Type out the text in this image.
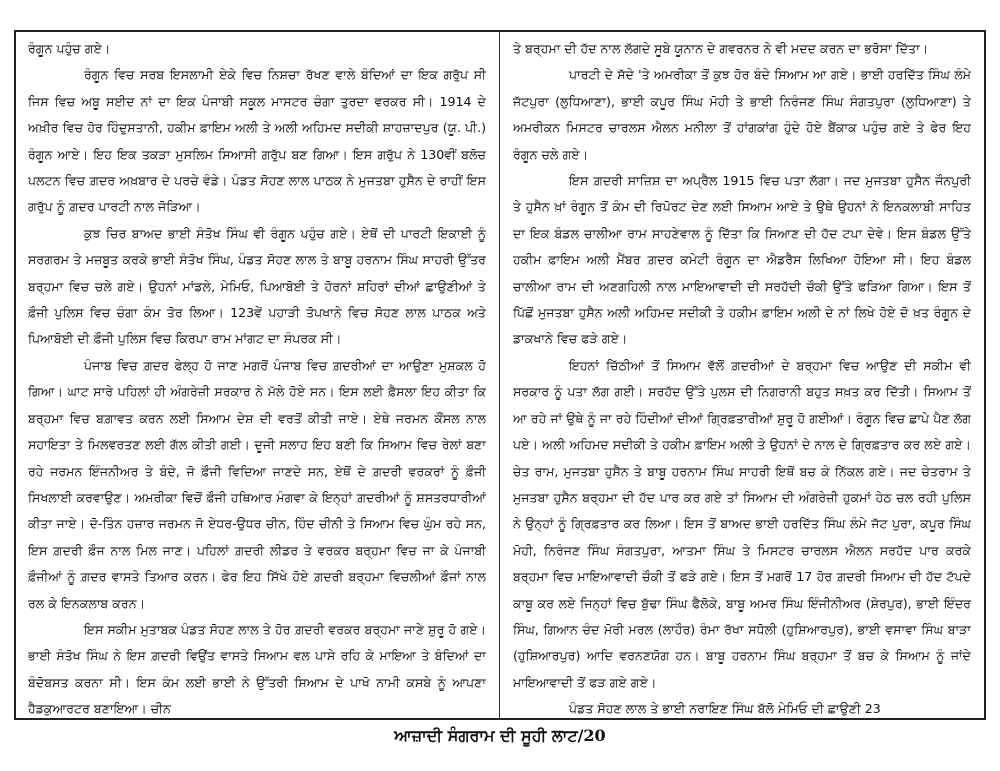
ਰੰਗੂਨ ਪਹੁੰਚ ਗਏ।

ਰੰਗੂਨ ਵਿਚ ਸਰਬ ਇਸਲਾਮੀ ਏਕੇ ਵਿਚ ਨਿਸ਼ਚਾ ਰੱਖਣ ਵਾਲੇ ਬੰਦਿਆਂ ਦਾ ਇਕ ਗਰੁੱਪ ਸੀ ਜਿਸ ਵਿਚ ਅਬੂ ਸਈਦ ਨਾਂ ਦਾ ਇਕ ਪੰਜਾਬੀ ਸਕੂਲ ਮਾਸਟਰ ਚੰਗਾ ਤੁਰਦਾ ਵਰਕਰ ਸੀ। 1914 ਦੇ ਅਖ਼ੀਰ ਵਿਚ ਹੋਰ ਹਿੰਦੁਸਤਾਨੀ, ਹਕੀਮ ਫ਼ਾਇਮ ਅਲੀ ਤੇ ਅਲੀ ਅਹਿਮਦ ਸਦੀਕੀ ਸ਼ਾਹਜ਼ਾਦਪੁਰ (ਯੂ. ਪੀ.) ਰੰਗੂਨ ਆਏ। ਇਹ ਇਕ ਤਕੜਾ ਮੁਸਲਿਮ ਸਿਆਸੀ ਗਰੁੱਪ ਬਣ ਗਿਆ। ਇਸ ਗਰੁੱਪ ਨੇ 130ਵੀਂ ਬਲੋਚ ਪਲਟਨ ਵਿਚ ਗ਼ਦਰ ਅਖ਼ਬਾਰ ਦੇ ਪਰਚੇ ਵੰਡੇ। ਪੰਡਤ ਸੋਹਣ ਲਾਲ ਪਾਠਕ ਨੇ ਮੁਜਤਬਾ ਹੁਸੈਨ ਦੇ ਰਾਹੀਂ ਇਸ ਗਰੁੱਪ ਨੂੰ ਗ਼ਦਰ ਪਾਰਟੀ ਨਾਲ ਜੋੜਿਆ।

ਕੁਝ ਚਿਰ ਬਾਅਦ ਭਾਈ ਸੰਤੋਖ ਸਿੰਘ ਵੀ ਰੰਗੂਨ ਪਹੁੰਚ ਗਏ। ਏਥੋਂ ਦੀ ਪਾਰਟੀ ਇਕਾਈ ਨੂੰ ਸਰਗਰਮ ਤੇ ਮਜ਼ਬੂਤ ਕਰਕੇ ਭਾਈ ਸੰਤੋਖ ਸਿੰਘ, ਪੰਡਤ ਸੋਹਣ ਲਾਲ ਤੇ ਬਾਬੂ ਹਰਨਾਮ ਸਿੰਘ ਸਾਹਰੀ ਉੱਤਰ ਬਰ੍ਹਮਾ ਵਿਚ ਚਲੇ ਗਏ। ਉਹਨਾਂ ਮਾਂਡਲੇ, ਮੇਮਿਓ, ਪਿਆਬੋਈ ਤੇ ਹੋਰਨਾਂ ਸ਼ਹਿਰਾਂ ਦੀਆਂ ਛਾਉਣੀਆਂ ਤੇ ਫ਼ੌਜੀ ਪੁਲਿਸ ਵਿਚ ਚੰਗਾ ਕੰਮ ਤੋਰ ਲਿਆ। 123ਵੇਂ ਪਹਾੜੀ ਤੋਪਖਾਨੇ ਵਿਚ ਸੋਹਣ ਲਾਲ ਪਾਠਕ ਅਤੇ ਪਿਆਬੋਈ ਦੀ ਫ਼ੌਜੀ ਪੁਲਿਸ ਵਿਚ ਕਿਰਪਾ ਰਾਮ ਮਾਂਗਟ ਦਾ ਸੰਪਰਕ ਸੀ।

ਪੰਜਾਬ ਵਿਚ ਗ਼ਦਰ ਫੇਲ੍ਹ ਹੋ ਜਾਣ ਮਗਰੋਂ ਪੰਜਾਬ ਵਿਚ ਗ਼ਦਰੀਆਂ ਦਾ ਆਉਣਾ ਮੁਸ਼ਕਲ ਹੋ ਗਿਆ। ਘਾਟ ਸਾਰੇ ਪਹਿਲਾਂ ਹੀ ਅੰਗਰੇਜ਼ੀ ਸਰਕਾਰ ਨੇ ਮੱਲੇ ਹੋਏ ਸਨ। ਇਸ ਲਈ ਫ਼ੈਸਲਾ ਇਹ ਕੀਤਾ ਕਿ ਬਰ੍ਹਮਾ ਵਿਚ ਬਗ਼ਾਵਤ ਕਰਨ ਲਈ ਸਿਆਮ ਦੇਸ਼ ਦੀ ਵਰਤੋਂ ਕੀਤੀ ਜਾਏ। ਏਥੇ ਜਰਮਨ ਕੌਂਸਲ ਨਾਲ ਸਹਾਇਤਾ ਤੇ ਮਿਲਵਰਤਣ ਲਈ ਗੱਲ ਕੀਤੀ ਗਈ। ਦੂਜੀ ਸਲਾਹ ਇਹ ਬਣੀ ਕਿ ਸਿਆਮ ਵਿਚ ਰੇਲਾਂ ਬਣਾ ਰਹੇ ਜਰਮਨ ਇੰਜਨੀਅਰ ਤੇ ਬੰਦੇ, ਜੋ ਫ਼ੌਜੀ ਵਿਦਿਆ ਜਾਣਦੇ ਸਨ, ਏਥੋਂ ਦੇ ਗ਼ਦਰੀ ਵਰਕਰਾਂ ਨੂੰ ਫ਼ੌਜੀ ਸਿਖਲਾਈ ਕਰਵਾਉਣ। ਅਮਰੀਕਾ ਵਿਚੋਂ ਫ਼ੌਜੀ ਹਥਿਆਰ ਮੰਗਵਾ ਕੇ ਇਨ੍ਹਾਂ ਗ਼ਦਰੀਆਂ ਨੂੰ ਸ਼ਸਤਰਧਾਰੀਆਂ ਕੀਤਾ ਜਾਏ। ਦੋ-ਤਿੰਨ ਹਜ਼ਾਰ ਜਰਮਨ ਜੋ ਏਧਰ-ਉਧਰ ਚੀਨ, ਹਿੰਦ ਚੀਨੀ ਤੇ ਸਿਆਮ ਵਿਚ ਘੁੰਮ ਰਹੇ ਸਨ, ਇਸ ਗ਼ਦਰੀ ਫ਼ੌਜ ਨਾਲ ਮਿਲ ਜਾਣ। ਪਹਿਲਾਂ ਗ਼ਦਰੀ ਲੀਡਰ ਤੇ ਵਰਕਰ ਬਰ੍ਹਮਾ ਵਿਚ ਜਾ ਕੇ ਪੰਜਾਬੀ ਫ਼ੌਜੀਆਂ ਨੂੰ ਗ਼ਦਰ ਵਾਸਤੇ ਤਿਆਰ ਕਰਨ। ਫੇਰ ਇਹ ਸਿੱਖੇ ਹੋਏ ਗ਼ਦਰੀ ਬਰ੍ਹਮਾ ਵਿਚਲੀਆਂ ਫ਼ੌਜਾਂ ਨਾਲ ਰਲ ਕੇ ਇਨਕਲਾਬ ਕਰਨ।

ਇਸ ਸਕੀਮ ਮੁਤਾਬਕ ਪੰਡਤ ਸੋਹਣ ਲਾਲ ਤੇ ਹੋਰ ਗ਼ਦਰੀ ਵਰਕਰ ਬਰ੍ਹਮਾ ਜਾਣੇ ਸ਼ੁਰੂ ਹੋ ਗਏ। ਭਾਈ ਸੰਤੋਖ ਸਿੰਘ ਨੇ ਇਸ ਗ਼ਦਰੀ ਵਿਉਂਤ ਵਾਸਤੇ ਸਿਆਮ ਵਲ ਪਾਸੇ ਰਹਿ ਕੇ ਮਾਇਆ ਤੇ ਬੰਦਿਆਂ ਦਾ ਬੰਦੋਬਸਤ ਕਰਨਾ ਸੀ। ਇਸ ਕੰਮ ਲਈ ਭਾਈ ਨੇ ਉੱਤਰੀ ਸਿਆਮ ਦੇ ਪਾਖੋ ਨਾਮੀ ਕਸਬੇ ਨੂੰ ਆਪਣਾ ਹੈਡਕੁਆਰਟਰ ਬਣਾਇਆ। ਚੀਨ

ਤੇ ਬਰ੍ਹਮਾ ਦੀ ਹੱਦ ਨਾਲ ਲੱਗਦੇ ਸੂਬੇ ਯੂਨਾਨ ਦੇ ਗਵਰਨਰ ਨੇ ਵੀ ਮਦਦ ਕਰਨ ਦਾ ਭਰੋਸਾ ਦਿੱਤਾ।

ਪਾਰਟੀ ਦੇ ਸੱਦੇ 'ਤੇ ਅਮਰੀਕਾ ਤੋਂ ਕੁਝ ਹੋਰ ਬੰਦੇ ਸਿਆਮ ਆ ਗਏ। ਭਾਈ ਹਰਦਿੱਤ ਸਿੰਘ ਲੰਮੇ ਜੱਟਪੁਰਾ (ਲੁਧਿਆਣਾ), ਭਾਈ ਕਪੂਰ ਸਿੰਘ ਮੋਹੀ ਤੇ ਭਾਈ ਨਿਰੰਜਣ ਸਿੰਘ ਸੰਗਤਪੁਰਾ (ਲੁਧਿਆਣਾ) ਤੇ ਅਮਰੀਕਨ ਮਿਸਟਰ ਚਾਰਲਸ ਐਲਨ ਮਨੀਲਾ ਤੋਂ ਹਾਂਗਕਾਂਗ ਹੁੰਦੇ ਹੋਏ ਬੈਂਕਾਕ ਪਹੁੰਚ ਗਏ ਤੇ ਫੇਰ ਇਹ ਰੰਗੂਨ ਚਲੇ ਗਏ।

ਇਸ ਗ਼ਦਰੀ ਸਾਜ਼ਿਸ਼ ਦਾ ਅਪ੍ਰੈਲ 1915 ਵਿਚ ਪਤਾ ਲੱਗਾ। ਜਦ ਮੁਜਤਬਾ ਹੁਸੈਨ ਜੌਨਪੁਰੀ ਤੇ ਹੁਸੈਨ ਖ਼ਾਂ ਰੰਗੂਨ ਤੋਂ ਕੰਮ ਦੀ ਰਿਪੋਰਟ ਦੇਣ ਲਈ ਸਿਆਮ ਆਏ ਤੇ ਉਥੇ ਉਹਨਾਂ ਨੇ ਇਨਕਲਾਬੀ ਸਾਹਿਤ ਦਾ ਇਕ ਬੰਡਲ ਚਾਲੀਆ ਰਾਮ ਸਾਹਣੇਵਾਲ ਨੂੰ ਦਿੱਤਾ ਕਿ ਸਿਆਣ ਦੀ ਹੱਦ ਟਪਾ ਦੇਵੇ। ਇਸ ਬੰਡਲ ਉੱਤੇ ਹਕੀਮ ਫ਼ਾਇਮ ਅਲੀ ਮੈਂਬਰ ਗ਼ਦਰ ਕਮੇਟੀ ਰੰਗੂਨ ਦਾ ਐਡਰੈਸ ਲਿਖਿਆ ਹੋਇਆ ਸੀ। ਇਹ ਬੰਡਲ ਚਾਲੀਆ ਰਾਮ ਦੀ ਅਣਗਹਿਲੀ ਨਾਲ ਮਾਇਆਵਾਦੀ ਦੀ ਸਰਹੱਦੀ ਚੌਕੀ ਉੱਤੇ ਫੜਿਆ ਗਿਆ। ਇਸ ਤੋਂ ਪਿੱਛੋਂ ਮੁਜਤਬਾ ਹੁਸੈਨ ਅਲੀ ਅਹਿਮਦ ਸਦੀਕੀ ਤੇ ਹਕੀਮ ਫ਼ਾਇਮ ਅਲੀ ਦੇ ਨਾਂ ਲਿਖੇ ਹੋਏ ਦੋ ਖ਼ਤ ਰੰਗੂਨ ਦੇ ਡਾਕਖਾਨੇ ਵਿਚ ਫੜੇ ਗਏ।

ਇਹਨਾਂ ਚਿੱਠੀਆਂ ਤੋਂ ਸਿਆਮ ਵੱਲੋਂ ਗ਼ਦਰੀਆਂ ਦੇ ਬਰ੍ਹਮਾ ਵਿਚ ਆਉਣ ਦੀ ਸਕੀਮ ਵੀ ਸਰਕਾਰ ਨੂੰ ਪਤਾ ਲੱਗ ਗਈ। ਸਰਹੱਦ ਉੱਤੇ ਪੁਲਸ ਦੀ ਨਿਗਰਾਨੀ ਬਹੁਤ ਸਖ਼ਤ ਕਰ ਦਿੱਤੀ। ਸਿਆਮ ਤੋਂ ਆ ਰਹੇ ਜਾਂ ਉਥੇ ਨੂੰ ਜਾ ਰਹੇ ਹਿੰਦੀਆਂ ਦੀਆਂ ਗ੍ਰਿਫ਼ਤਾਰੀਆਂ ਸ਼ੁਰੂ ਹੋ ਗਈਆਂ। ਰੰਗੂਨ ਵਿਚ ਛਾਪੇ ਪੈਣ ਲੱਗ ਪਏ। ਅਲੀ ਅਹਿਮਦ ਸਦੀਕੀ ਤੇ ਹਕੀਮ ਫ਼ਾਇਮ ਅਲੀ ਤੇ ਉਹਨਾਂ ਦੇ ਨਾਲ ਦੇ ਗ੍ਰਿਫ਼ਤਾਰ ਕਰ ਲਏ ਗਏ। ਚੇਤ ਰਾਮ, ਮੁਜਤਬਾ ਹੁਸੈਨ ਤੇ ਬਾਬੂ ਹਰਨਾਮ ਸਿੰਘ ਸਾਹਰੀ ਇਥੋਂ ਬਚ ਕੇ ਨਿੱਕਲ ਗਏ। ਜਦ ਚੇਤਰਾਮ ਤੇ ਮੁਜਤਬਾ ਹੁਸੈਨ ਬਰ੍ਹਮਾ ਦੀ ਹੱਦ ਪਾਰ ਕਰ ਗਏ ਤਾਂ ਸਿਆਮ ਦੀ ਅੰਗਰੇਜ਼ੀ ਹੁਕਮਾਂ ਹੇਠ ਚਲ ਰਹੀ ਪੁਲਿਸ ਨੇ ਉਨ੍ਹਾਂ ਨੂੰ ਗ੍ਰਿਫ਼ਤਾਰ ਕਰ ਲਿਆ। ਇਸ ਤੋਂ ਬਾਅਦ ਭਾਈ ਹਰਦਿੱਤ ਸਿੰਘ ਲੰਮੇ ਜੱਟ ਪੁਰਾ, ਕਪੂਰ ਸਿੰਘ ਮੋਹੀ, ਨਿਰੰਜਣ ਸਿੰਘ ਸੰਗਤਪੁਰਾ, ਆਤਮਾ ਸਿੰਘ ਤੇ ਮਿਸਟਰ ਚਾਰਲਸ ਐਲਨ ਸਰਹੱਦ ਪਾਰ ਕਰਕੇ ਬਰ੍ਹਮਾ ਵਿਚ ਮਾਇਆਵਾਦੀ ਚੌਕੀ ਤੋਂ ਫੜੇ ਗਏ। ਇਸ ਤੋਂ ਮਗਰੋਂ 17 ਹੋਰ ਗ਼ਦਰੀ ਸਿਆਮ ਦੀ ਹੱਦ ਟੱਪਦੇ ਕਾਬੂ ਕਰ ਲਏ ਜਿਨ੍ਹਾਂ ਵਿਚ ਬੁੱਢਾ ਸਿੰਘ ਫੈਲੋਕੇ, ਬਾਬੂ ਅਮਰ ਸਿੰਘ ਇੰਜੀਨੀਅਰ (ਸ਼ੇਰਪੁਰ), ਭਾਈ ਇੰਦਰ ਸਿੰਘ, ਗਿਆਨ ਚੰਦ ਮੋਰੀ ਮਰਲ (ਲਾਹੌਰ) ਰੰਮਾ ਰੱਖਾ ਸਧੋਲੀ (ਹੁਸ਼ਿਆਰਪੁਰ), ਭਾਈ ਵਸਾਵਾ ਸਿੰਘ ਬਾੜਾ (ਹੁਸ਼ਿਆਰਪੁਰ) ਆਦਿ ਵਰਨਣਯੋਗ ਹਨ। ਬਾਬੂ ਹਰਨਾਮ ਸਿੰਘ ਬਰ੍ਹਮਾ ਤੋਂ ਬਚ ਕੇ ਸਿਆਮ ਨੂੰ ਜਾਂਦੇ ਮਾਇਆਵਾਦੀ ਤੋਂ ਫੜ ਗਏ ਗਏ।

ਪੰਡਤ ਸੋਹਣ ਲਾਲ ਤੇ ਭਾਈ ਨਰਾਇਣ ਸਿੰਘ ਬੱਲੋ ਮੇਮਿਓ ਦੀ ਛਾਉਣੀ 23

ਆਜ਼ਾਦੀ ਸੰਗਰਾਮ ਦੀ ਸੂਹੀ ਲਾਟ/20
